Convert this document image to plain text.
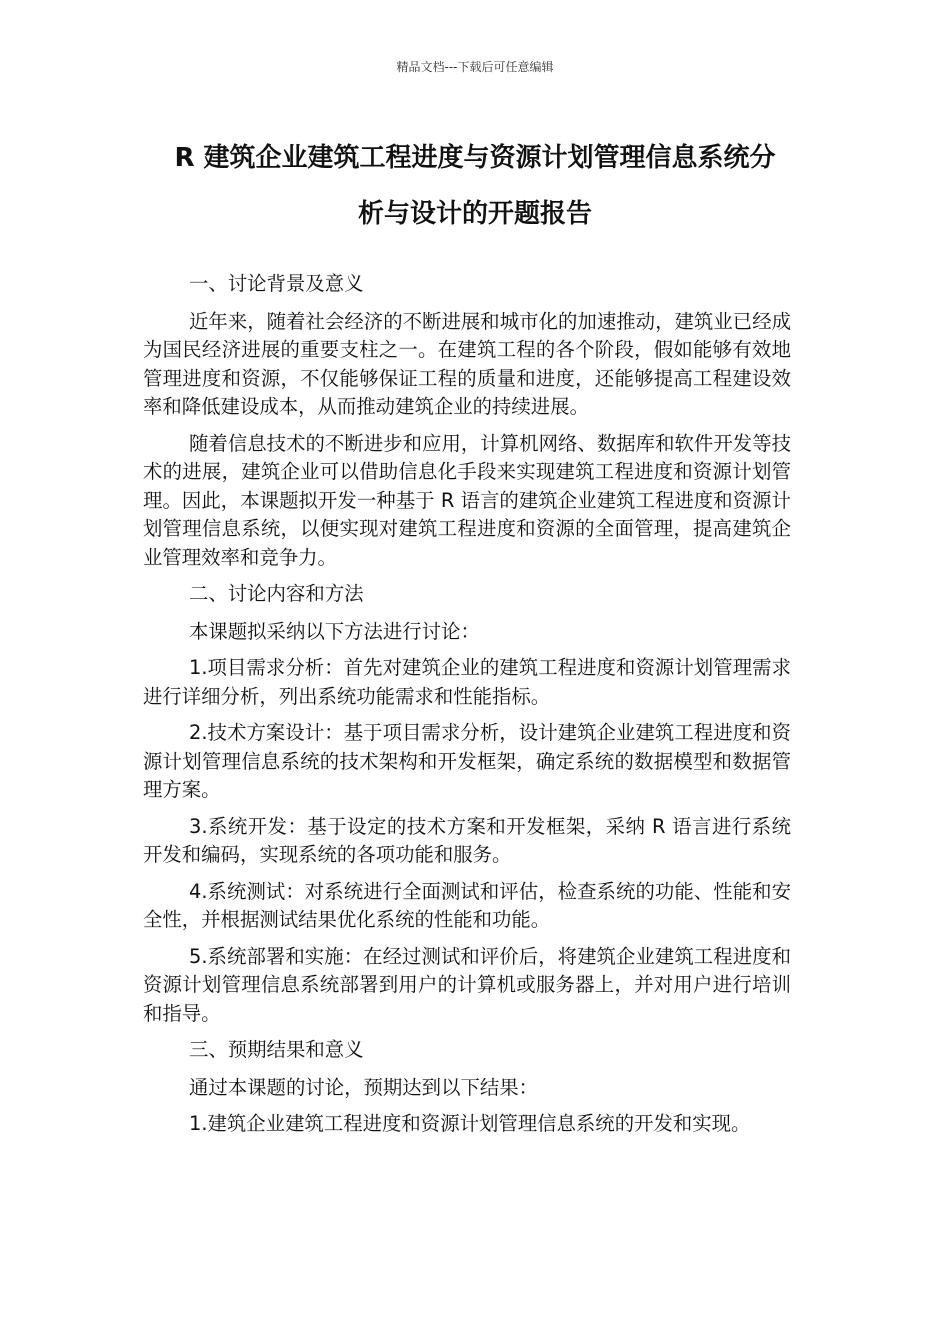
精品文档---下载后可任意编辑
R 建筑企业建筑工程进度与资源计划管理信息系统分
析与设计的开题报告

一、讨论背景及意义

近年来，随着社会经济的不断进展和城市化的加速推动，建筑业已经成为国民经济进展的重要支柱之一。在建筑工程的各个阶段，假如能够有效地管理进度和资源，不仅能够保证工程的质量和进度，还能够提高工程建设效率和降低建设成本，从而推动建筑企业的持续进展。

随着信息技术的不断进步和应用，计算机网络、数据库和软件开发等技术的进展，建筑企业可以借助信息化手段来实现建筑工程进度和资源计划管理。因此，本课题拟开发一种基于 R 语言的建筑企业建筑工程进度和资源计划管理信息系统，以便实现对建筑工程进度和资源的全面管理，提高建筑企业管理效率和竞争力。

二、讨论内容和方法

本课题拟采纳以下方法进行讨论：

1.项目需求分析：首先对建筑企业的建筑工程进度和资源计划管理需求进行详细分析，列出系统功能需求和性能指标。

2.技术方案设计：基于项目需求分析，设计建筑企业建筑工程进度和资源计划管理信息系统的技术架构和开发框架，确定系统的数据模型和数据管理方案。

3.系统开发：基于设定的技术方案和开发框架，采纳 R 语言进行系统开发和编码，实现系统的各项功能和服务。

4.系统测试：对系统进行全面测试和评估，检查系统的功能、性能和安全性，并根据测试结果优化系统的性能和功能。

5.系统部署和实施：在经过测试和评价后，将建筑企业建筑工程进度和资源计划管理信息系统部署到用户的计算机或服务器上，并对用户进行培训和指导。

三、预期结果和意义

通过本课题的讨论，预期达到以下结果：

1.建筑企业建筑工程进度和资源计划管理信息系统的开发和实现。
